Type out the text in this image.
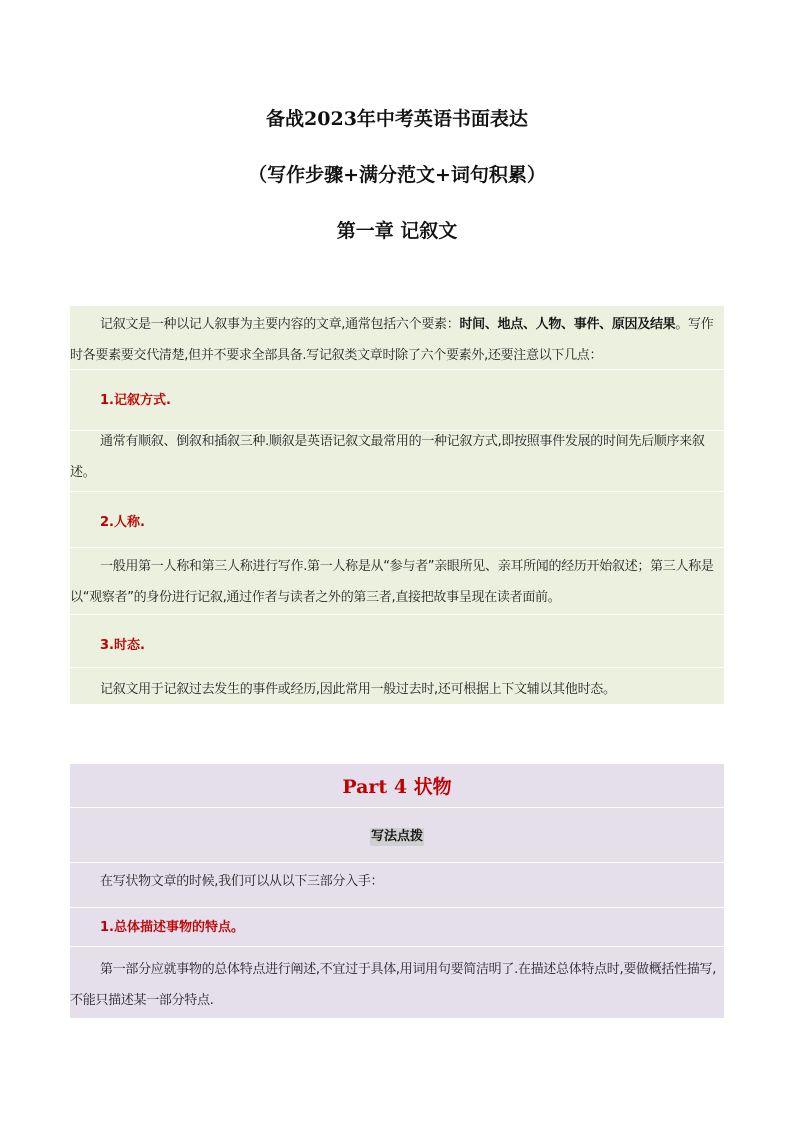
备战2023年中考英语书面表达
（写作步骤+满分范文+词句积累）
第一章 记叙文
记叙文是一种以记人叙事为主要内容的文章,通常包括六个要素：时间、地点、人物、事件、原因及结果。写作时各要素要交代清楚,但并不要求全部具备.写记叙类文章时除了六个要素外,还要注意以下几点：
1.记叙方式.
通常有顺叙、倒叙和插叙三种.顺叙是英语记叙文最常用的一种记叙方式,即按照事件发展的时间先后顺序来叙述。
2.人称.
一般用第一人称和第三人称进行写作.第一人称是从“参与者”亲眼所见、亲耳所闻的经历开始叙述；第三人称是以“观察者”的身份进行记叙,通过作者与读者之外的第三者,直接把故事呈现在读者面前。
3.时态.
记叙文用于记叙过去发生的事件或经历,因此常用一般过去时,还可根据上下文辅以其他时态。
Part 4 状物
写法点拨
在写状物文章的时候,我们可以从以下三部分入手：
1.总体描述事物的特点。
第一部分应就事物的总体特点进行阐述,不宜过于具体,用词用句要简洁明了.在描述总体特点时,要做概括性描写,不能只描述某一部分特点.
